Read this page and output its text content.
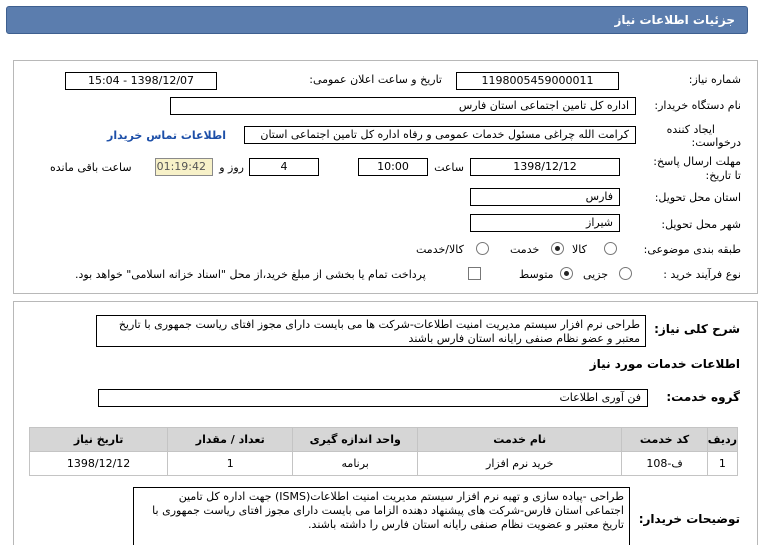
جزئیات اطلاعات نیاز
شماره نیاز:
1198005459000011
تاریخ و ساعت اعلان عمومی:
1398/12/07 - 15:04
نام دستگاه خریدار:
اداره کل تامین اجتماعی استان فارس
ایجاد کننده
درخواست:
کرامت الله چراغی مسئول خدمات عمومی و رفاه اداره کل تامین اجتماعی استان
اطلاعات تماس خریدار
مهلت ارسال پاسخ:
تا تاریخ:
1398/12/12
ساعت
10:00
4
روز و
01:19:42
ساعت باقی مانده
استان محل تحویل:
فارس
شهر محل تحویل:
شیراز
طبقه بندی موضوعی:
کالا
خدمت
کالا/خدمت
نوع فرآیند خرید :
جزیی
متوسط
پرداخت تمام یا بخشی از مبلغ خرید،از محل "اسناد خزانه اسلامی" خواهد بود.
شرح کلی نیاز:
طراحی نرم افزار سیستم مدیریت امنیت اطلاعات-شرکت ها می بایست دارای مجوز افتای ریاست جمهوری با تاریخ معتبر و عضو نظام صنفی رایانه استان فارس باشند
اطلاعات خدمات مورد نیاز
گروه خدمت:
فن آوری اطلاعات
ردیف	کد خدمت	نام خدمت	واحد اندازه گیری	تعداد / مقدار	تاریخ نیاز
1	ف-108	خرید نرم افزار	برنامه	1	1398/12/12
توضیحات خریدار:
طراحی -پیاده سازی و تهیه نرم افزار سیستم مدیریت امنیت اطلاعات(ISMS) جهت اداره کل تامین اجتماعی استان فارس-شرکت های پیشنهاد دهنده الزاما می بایست دارای مجوز افتای ریاست جمهوری با تاریخ معتبر و عضویت نظام صنفی رایانه استان فارس را داشته باشند.
